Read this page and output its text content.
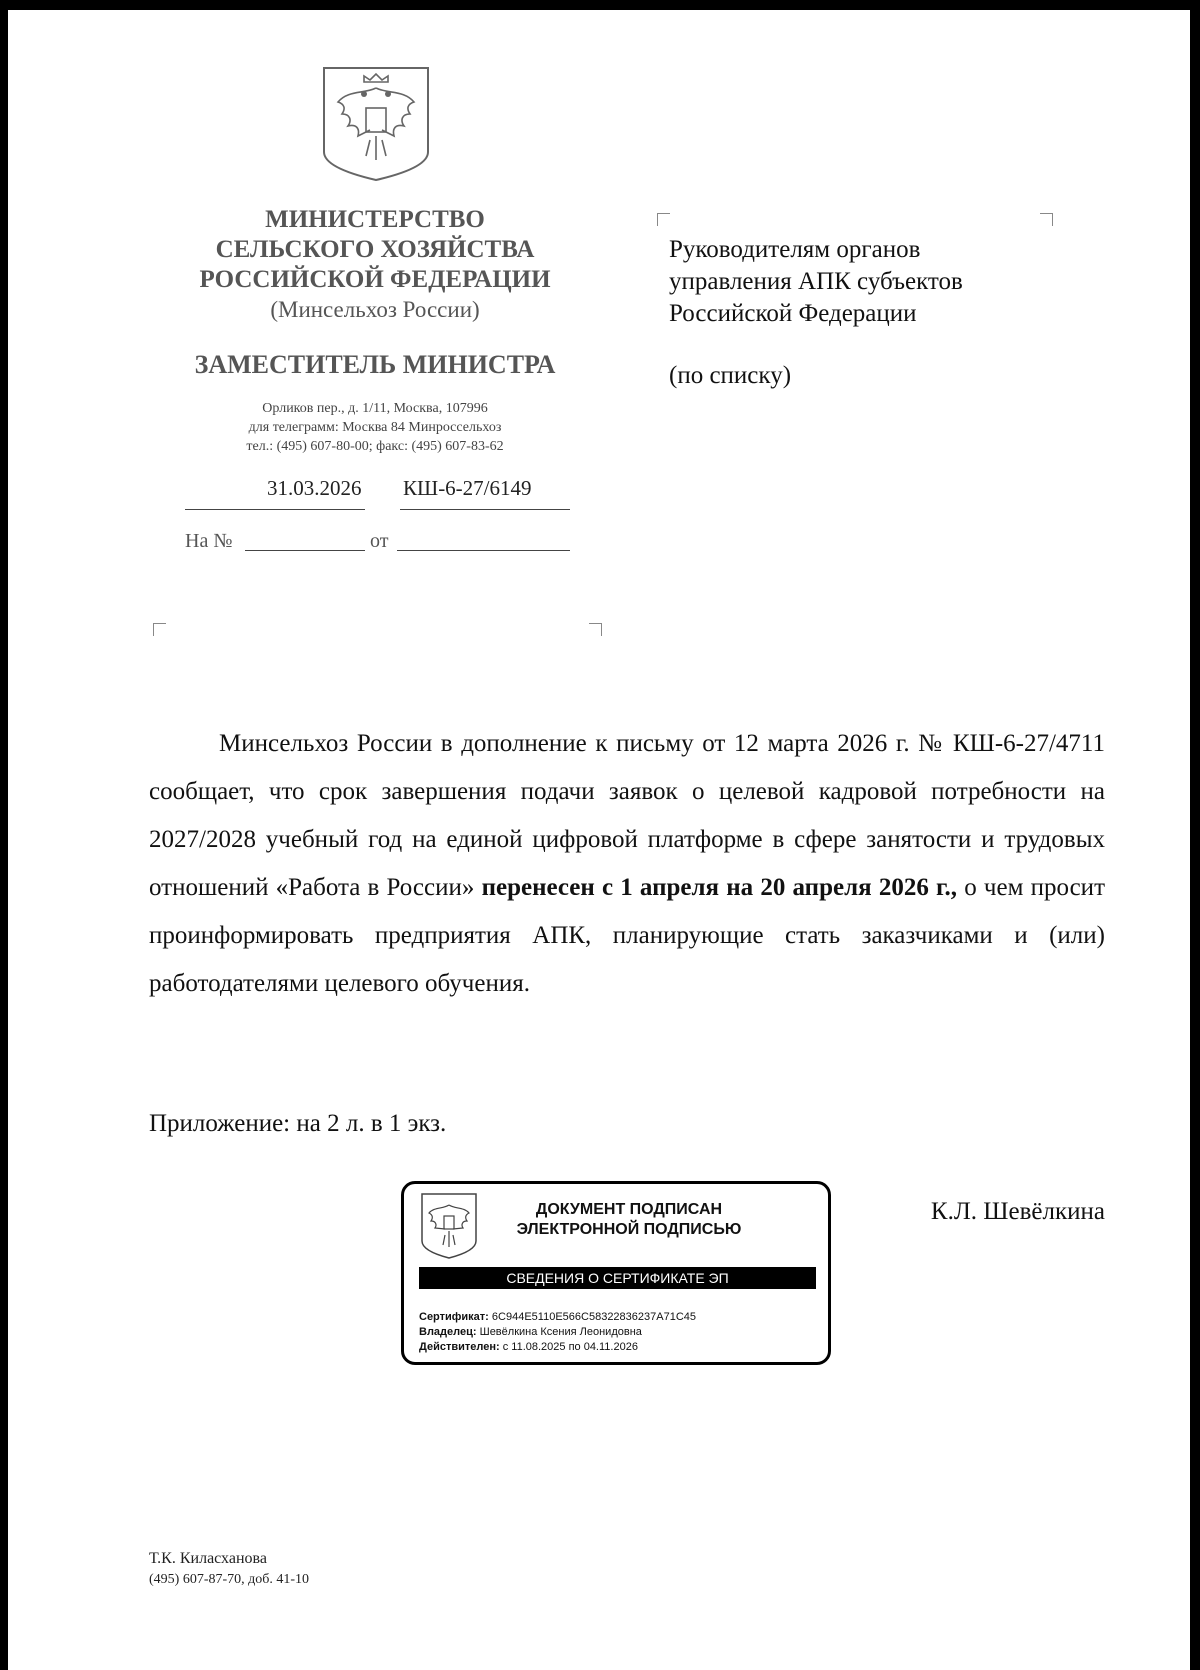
МИНИСТЕРСТВО
СЕЛЬСКОГО ХОЗЯЙСТВА
РОССИЙСКОЙ ФЕДЕРАЦИИ
(Минсельхоз России)
ЗАМЕСТИТЕЛЬ МИНИСТРА
Орликов пер., д. 1/11, Москва, 107996
для телеграмм: Москва 84 Минроссельхоз
тел.: (495) 607-80-00; факс: (495) 607-83-62

31.03.2026 КШ-6-27/6149
На №	от
Руководителям органов
управления АПК субъектов
Российской Федерации
(по списку)

Минсельхоз России в дополнение к письму от 12 марта 2026 г. № КШ-6-27/4711 сообщает, что срок завершения подачи заявок о целевой кадровой потребности на 2027/2028 учебный год на единой цифровой платформе в сфере занятости и трудовых отношений «Работа в России» перенесен с 1 апреля на 20 апреля 2026 г., о чем просит проинформировать предприятия АПК, планирующие стать заказчиками и (или) работодателями целевого обучения.

Приложение: на 2 л. в 1 экз.
ДОКУМЕНТ ПОДПИСАН
ЭЛЕКТРОННОЙ ПОДПИСЬЮ
СВЕДЕНИЯ О СЕРТИФИКАТЕ ЭП
Сертификат: 6C944E5110E566C58322836237A71C45
Владелец: Шевёлкина Ксения Леонидовна
Действителен: с 11.08.2025 по 04.11.2026
К.Л. Шевёлкина
Т.К. Киласханова
(495) 607-87-70, доб. 41-10
